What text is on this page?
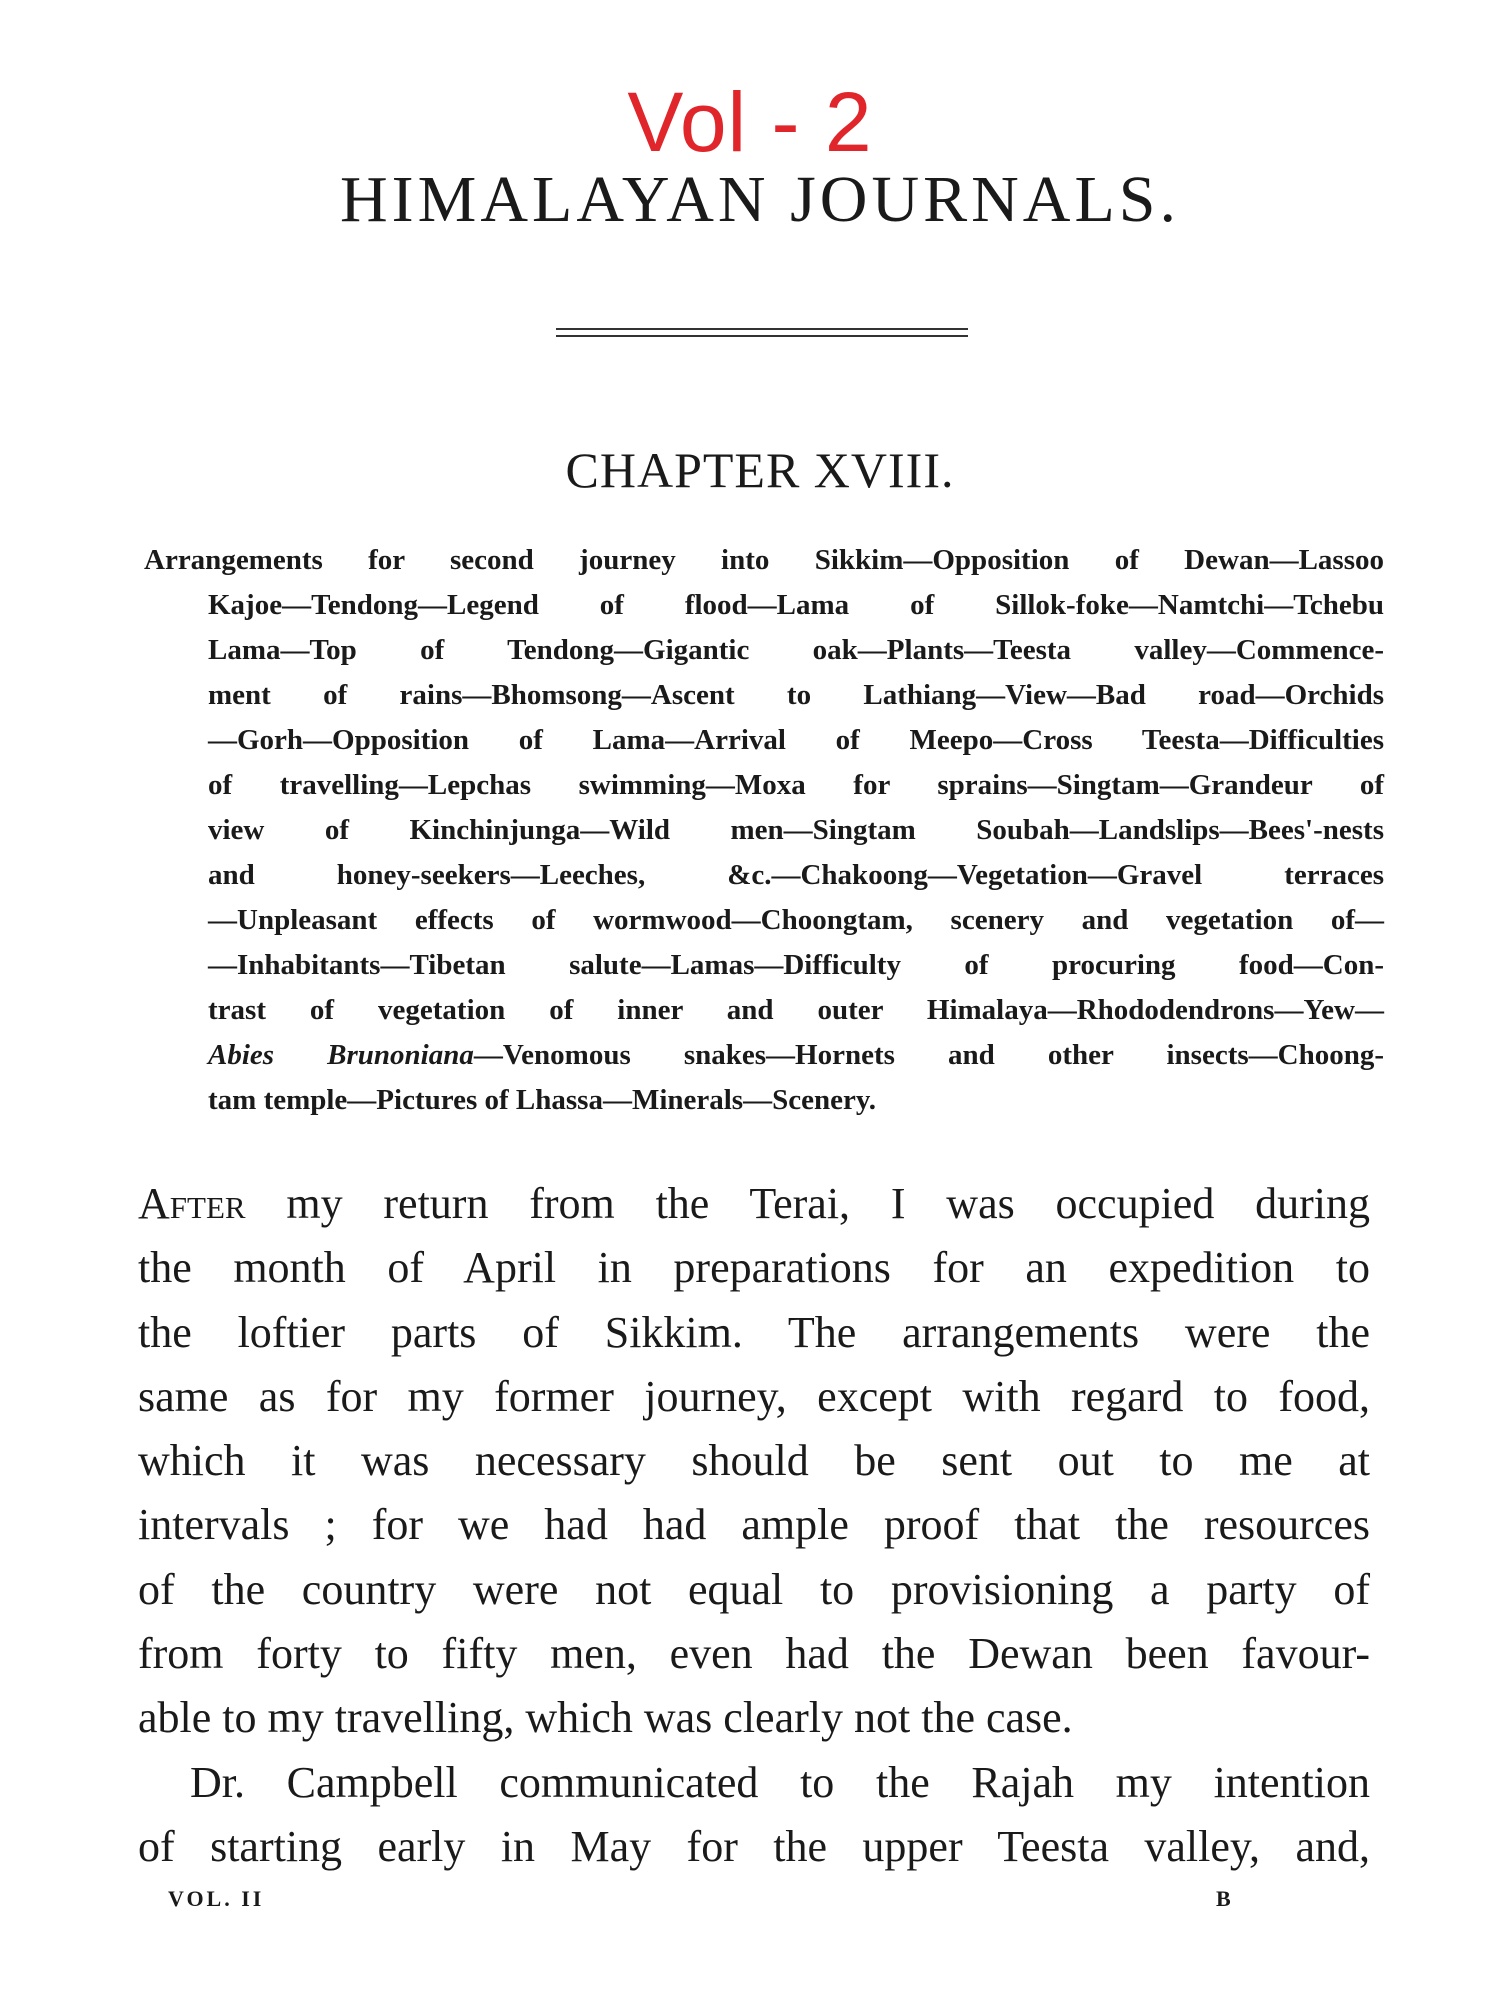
Vol - 2
HIMALAYAN JOURNALS.
CHAPTER XVIII.
Arrangements for second journey into Sikkim—Opposition of Dewan—Lassoo
Kajoe—Tendong—Legend of flood—Lama of Sillok-foke—Namtchi—Tchebu
Lama—Top of Tendong—Gigantic oak—Plants—Teesta valley—Commence-
ment of rains—Bhomsong—Ascent to Lathiang—View—Bad road—Orchids
—Gorh—Opposition of Lama—Arrival of Meepo—Cross Teesta—Difficulties
of travelling—Lepchas swimming—Moxa for sprains—Singtam—Grandeur of
view of Kinchinjunga—Wild men—Singtam Soubah—Landslips—Bees'-nests
and honey-seekers—Leeches, &c.—Chakoong—Vegetation—Gravel terraces
—Unpleasant effects of wormwood—Choongtam, scenery and vegetation of—
—Inhabitants—Tibetan salute—Lamas—Difficulty of procuring food—Con-
trast of vegetation of inner and outer Himalaya—Rhododendrons—Yew—
Abies Brunoniana—Venomous snakes—Hornets and other insects—Choong-
tam temple—Pictures of Lhassa—Minerals—Scenery.
After my return from the Terai, I was occupied during
the month of April in preparations for an expedition to
the loftier parts of Sikkim. The arrangements were the
same as for my former journey, except with regard to food,
which it was necessary should be sent out to me at
intervals ; for we had had ample proof that the resources
of the country were not equal to provisioning a party of
from forty to fifty men, even had the Dewan been favour-
able to my travelling, which was clearly not the case.
Dr. Campbell communicated to the Rajah my intention
of starting early in May for the upper Teesta valley, and,
VOL. II	B
